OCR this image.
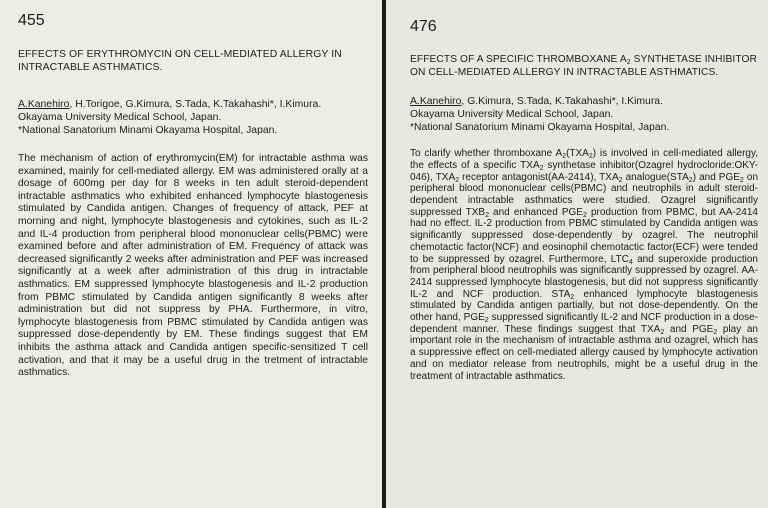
455
EFFECTS OF ERYTHROMYCIN ON CELL-MEDIATED ALLERGY IN INTRACTABLE ASTHMATICS.
A.Kanehiro, H.Torigoe, G.Kimura, S.Tada, K.Takahashi*, I.Kimura.
Okayama University Medical School, Japan.
*National Sanatorium Minami Okayama Hospital, Japan.
The mechanism of action of erythromycin(EM) for intractable asthma was examined, mainly for cell-mediated allergy. EM was administered orally at a dosage of 600mg per day for 8 weeks in ten adult steroid-dependent intractable asthmatics who exhibited enhanced lymphocyte blastogenesis stimulated by Candida antigen. Changes of frequency of attack, PEF at morning and night, lymphocyte blastogenesis and cytokines, such as IL-2 and IL-4 production from peripheral blood mononuclear cells(PBMC) were examined before and after administration of EM. Frequency of attack was decreased significantly 2 weeks after administration and PEF was increased significantly at a week after administration of this drug in intractable asthmatics. EM suppressed lymphocyte blastogenesis and IL-2 production from PBMC stimulated by Candida antigen significantly 8 weeks after administration but did not suppress by PHA. Furthermore, in vitro, lymphocyte blastogenesis from PBMC stimulated by Candida antigen was suppressed dose-dependently by EM. These findings suggest that EM inhibits the asthma attack and Candida antigen specific-sensitized T cell activation, and that it may be a useful drug in the tretment of intractable asthmatics.
476
EFFECTS OF A SPECIFIC THROMBOXANE $A_2$ SYNTHETASE INHIBITOR ON CELL-MEDIATED ALLERGY IN INTRACTABLE ASTHMATICS.
A.Kanehiro, G.Kimura, S.Tada, K.Takahashi*, I.Kimura.
Okayama University Medical School, Japan.
*National Sanatorium Minami Okayama Hospital, Japan.
To clarify whether thromboxane $A_2(TXA_2)$ is involved in cell-mediated allergy, the effects of a specific $TXA_2$ synthetase inhibitor(Ozagrel hydrocloride:OKY-046), $TXA_2$ receptor antagonist(AA-2414), $TXA_2$ $analogue(STA_2)$ and $PGE_2$ on peripheral blood mononuclear cells(PBMC) and neutrophils in adult steroid-dependent intractable asthmatics were studied. Ozagrel significantly suppressed $TXB_2$ and enhanced $PGE_2$ production from PBMC, but AA-2414 had no effect. IL-2 production from PBMC stimulated by Candida antigen was significantly suppressed dose-dependently by ozagrel. The neutrophil chemotactic factor(NCF) and eosinophil chemotactic factor(ECF) were tended to be suppressed by ozagrel. Furthermore, $LTC_4$ and superoxide production from peripheral blood neutrophils was significantly suppressed by ozagrel. AA-2414 suppressed lymphocyte blastogenesis, but did not suppress significantly IL-2 and NCF production. $STA_2$ enhanced lymphocyte blastogenesis stimulated by Candida antigen partially, but not dose-dependently. On the other hand, $PGE_2$ suppressed significantly IL-2 and NCF production in a dose-dependent manner. These findings suggest that $TXA_2$ and $PGE_2$ play an important role in the mechanism of intractable asthma and ozagrel, which has a suppressive effect on cell-mediated allergy caused by lymphocyte activation and on mediator release from neutrophils, might be a useful drug in the treatment of intractable asthmatics.
